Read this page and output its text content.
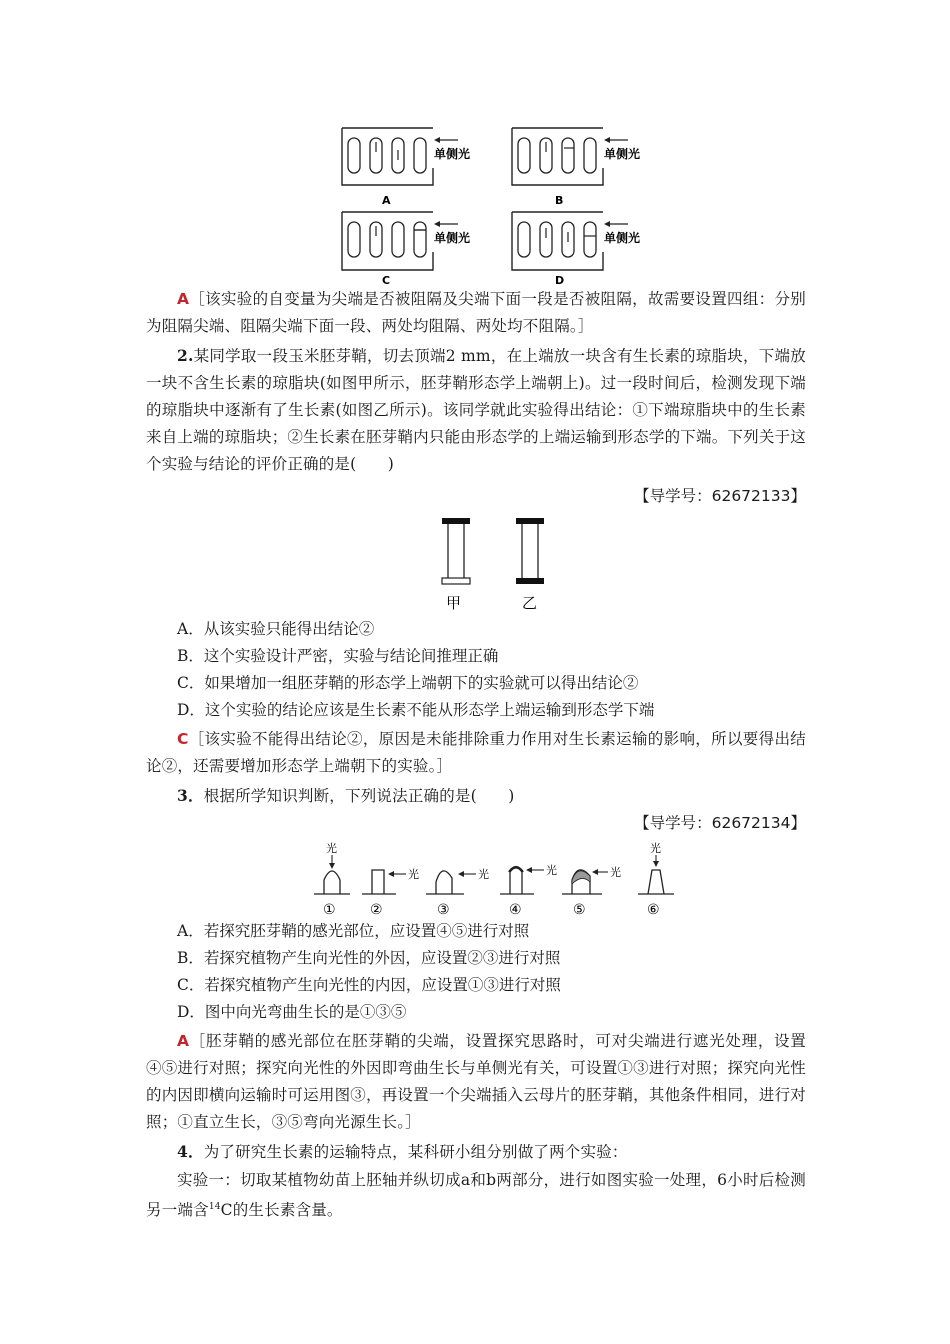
单侧光
A
单侧光
B
单侧光
C
单侧光
D
A［该实验的自变量为尖端是否被阻隔及尖端下面一段是否被阻隔，故需要设置四组：分别为阻隔尖端、阻隔尖端下面一段、两处均阻隔、两处均不阻隔。］
2.某同学取一段玉米胚芽鞘，切去顶端2 mm，在上端放一块含有生长素的琼脂块，下端放一块不含生长素的琼脂块(如图甲所示，胚芽鞘形态学上端朝上)。过一段时间后，检测发现下端的琼脂块中逐渐有了生长素(如图乙所示)。该同学就此实验得出结论：①下端琼脂块中的生长素来自上端的琼脂块；②生长素在胚芽鞘内只能由形态学的上端运输到形态学的下端。下列关于这个实验与结论的评价正确的是(　　)
【导学号：62672133】
甲	乙
A．从该实验只能得出结论②
B．这个实验设计严密，实验与结论间推理正确
C．如果增加一组胚芽鞘的形态学上端朝下的实验就可以得出结论②
D．这个实验的结论应该是生长素不能从形态学上端运输到形态学下端
C［该实验不能得出结论②，原因是未能排除重力作用对生长素运输的影响，所以要得出结论②，还需要增加形态学上端朝下的实验。］
3．根据所学知识判断，下列说法正确的是(　　)
【导学号：62672134】
光
①
光
②
光
③
光
④
光
⑤
光
⑥
A．若探究胚芽鞘的感光部位，应设置④⑤进行对照
B．若探究植物产生向光性的外因，应设置②③进行对照
C．若探究植物产生向光性的内因，应设置①③进行对照
D．图中向光弯曲生长的是①③⑤
A［胚芽鞘的感光部位在胚芽鞘的尖端，设置探究思路时，可对尖端进行遮光处理，设置④⑤进行对照；探究向光性的外因即弯曲生长与单侧光有关，可设置①③进行对照；探究向光性的内因即横向运输时可运用图③，再设置一个尖端插入云母片的胚芽鞘，其他条件相同，进行对照；①直立生长，③⑤弯向光源生长。］
4．为了研究生长素的运输特点，某科研小组分别做了两个实验：
实验一：切取某植物幼苗上胚轴并纵切成a和b两部分，进行如图实验一处理，6小时后检测另一端含$^{14}$C的生长素含量。
